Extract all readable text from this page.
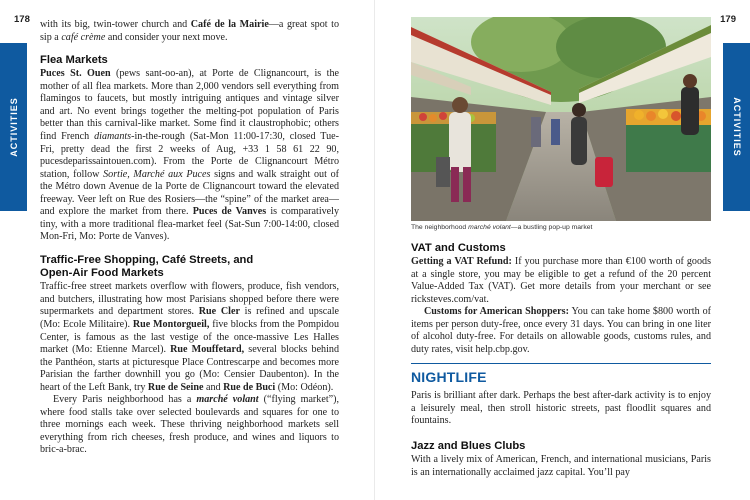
178
ACTIVITIES

with its big, twin-tower church and Café de la Mairie—a great spot to sip a café crème and consider your next move.

Flea Markets

Puces St. Ouen (pews sant-oo-an), at Porte de Clignancourt, is the mother of all flea markets. More than 2,000 vendors sell everything from flamingos to faucets, but mostly intriguing antiques and vintage silver and art. No event brings together the melting-pot population of Paris better than this carnival-like market. Some find it claustrophobic; others find French diamants-in-the-rough (Sat-Mon 11:00-17:30, closed Tue-Fri, pretty dead the first 2 weeks of Aug, +33 1 58 61 22 90, pucesdeparissaintouen.com). From the Porte de Clignancourt Métro station, follow Sortie, Marché aux Puces signs and walk straight out of the Métro down Avenue de la Porte de Clignancourt toward the elevated freeway. Veer left on Rue des Rosiers—the “spine” of the market area—and explore the market from there. Puces de Vanves is comparatively tiny, with a more traditional flea-market feel (Sat-Sun 7:00-14:00, closed Mon-Fri, Mo: Porte de Vanves).

Traffic-Free Shopping, Café Streets, and
Open-Air Food Markets

Traffic-free street markets overflow with flowers, produce, fish vendors, and butchers, illustrating how most Parisians shopped before there were supermarkets and department stores. Rue Cler is refined and upscale (Mo: Ecole Militaire). Rue Montorgueil, five blocks from the Pompidou Center, is famous as the last vestige of the once-massive Les Halles market (Mo: Etienne Marcel). Rue Mouffetard, several blocks behind the Panthéon, starts at picturesque Place Contrescarpe and becomes more Parisian the farther downhill you go (Mo: Censier Daubenton). In the heart of the Left Bank, try Rue de Seine and Rue de Buci (Mo: Odéon).

Every Paris neighborhood has a marché volant (“flying market”), where food stalls take over selected boulevards and squares for one to three mornings each week. These thriving neighborhood markets sell everything from rich cheeses, fresh produce, and wines and liquors to bric-a-brac.

179
ACTIVITIES
The neighborhood marché volant—a bustling pop-up market
VAT and Customs

Getting a VAT Refund: If you purchase more than €100 worth of goods at a single store, you may be eligible to get a refund of the 20 percent Value-Added Tax (VAT). Get more details from your merchant or see ricksteves.com/vat.

Customs for American Shoppers: You can take home $800 worth of items per person duty-free, once every 31 days. You can bring in one liter of alcohol duty-free. For details on allowable goods, customs rules, and duty rates, visit help.cbp.gov.

NIGHTLIFE

Paris is brilliant after dark. Perhaps the best after-dark activity is to enjoy a leisurely meal, then stroll historic streets, past floodlit squares and fountains.

Jazz and Blues Clubs

With a lively mix of American, French, and international musicians, Paris is an internationally acclaimed jazz capital. You’ll pay
